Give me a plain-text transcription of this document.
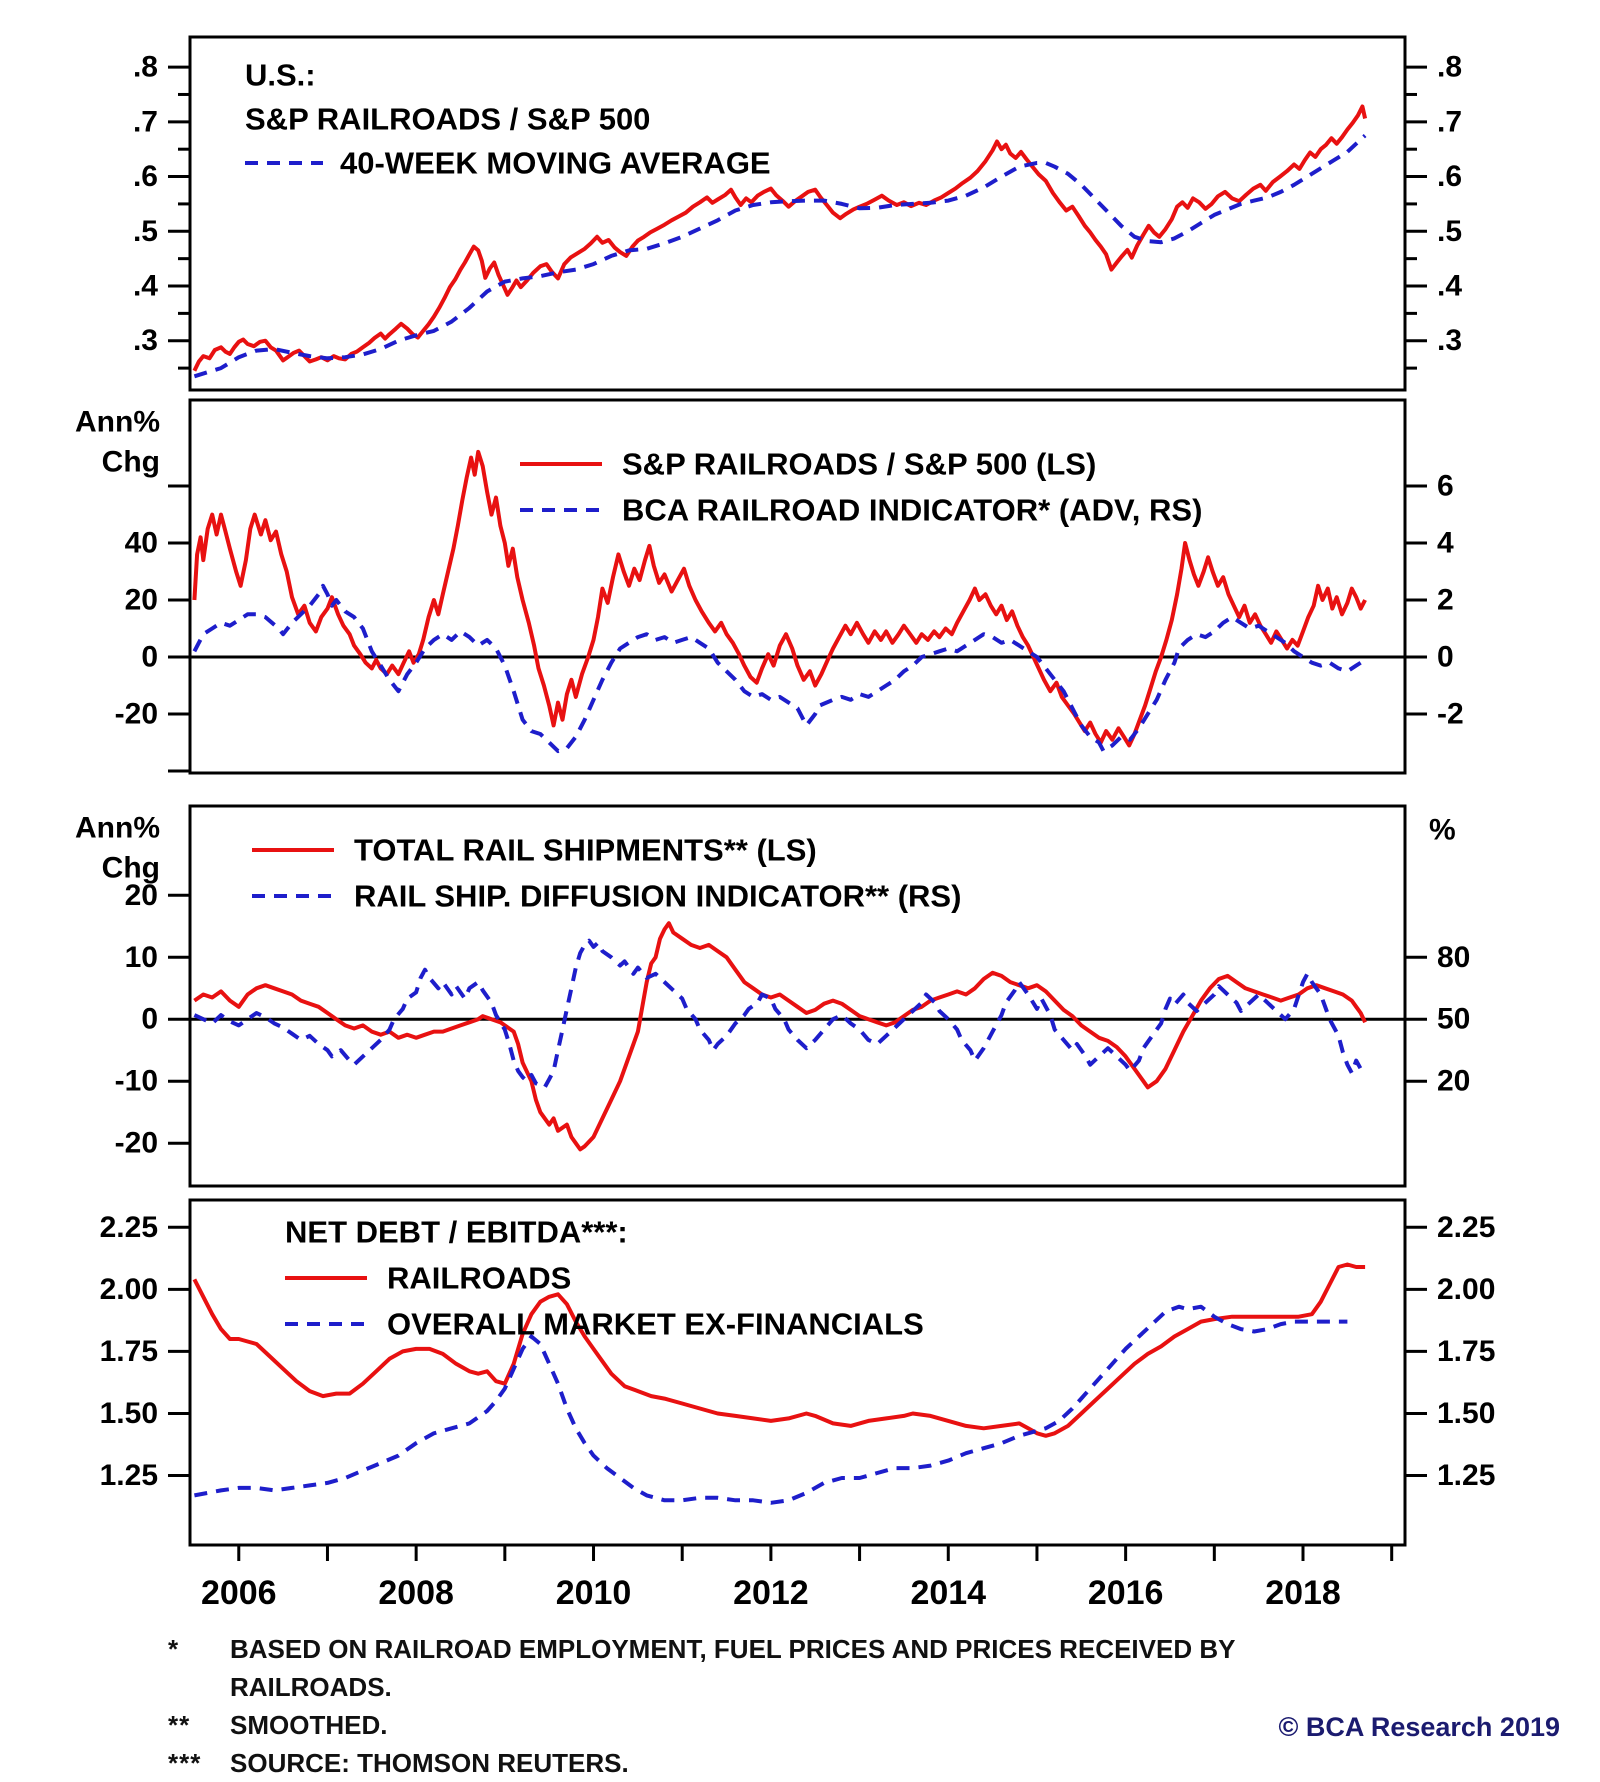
.8
.7
.6
.5
.4
.3
.8
.7
.6
.5
.4
.3
U.S.:
S&P RAILROADS / S&P 500
40-WEEK MOVING AVERAGE
40
20
0
-20
6
4
2
0
-2
Ann%
Chg	S&P RAILROADS / S&P 500 (LS)
BCA RAILROAD INDICATOR* (ADV, RS)
20
10
0
-10
-20
80
50
20
Ann%
Chg
%
TOTAL RAIL SHIPMENTS** (LS)
RAIL SHIP. DIFFUSION INDICATOR** (RS)
2.25
2.00
1.75
1.50
1.25
2.25
2.00
1.75
1.50
1.25
NET DEBT / EBITDA***:
RAILROADS
OVERALL MARKET EX-FINANCIALS
2006	2008	2010	2012	2014	2016	2018
*	BASED ON RAILROAD EMPLOYMENT, FUEL PRICES AND PRICES RECEIVED BY
RAILROADS.
**	SMOOTHED.
***	SOURCE: THOMSON REUTERS.
© BCA Research 2019
